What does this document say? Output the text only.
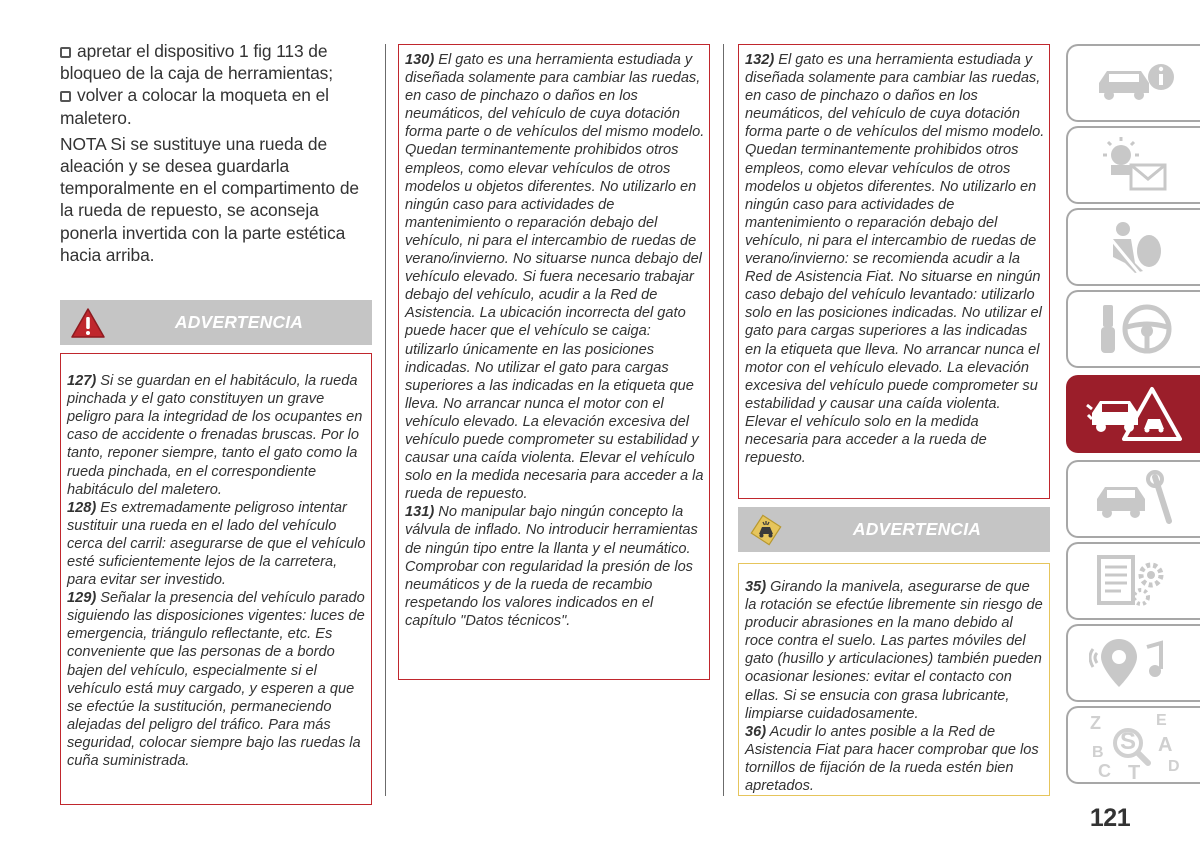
apretar el dispositivo 1 fig 113 de bloqueo de la caja de herramientas;

volver a colocar la moqueta en el maletero.

NOTA Si se sustituye una rueda de aleación y se desea guardarla temporalmente en el compartimento de la rueda de repuesto, se aconseja ponerla invertida con la parte estética hacia arriba.

ADVERTENCIA

127) Si se guardan en el habitáculo, la rueda pinchada y el gato constituyen un grave peligro para la integridad de los ocupantes en caso de accidente o frenadas bruscas. Por lo tanto, reponer siempre, tanto el gato como la rueda pinchada, en el correspondiente habitáculo del maletero.

128) Es extremadamente peligroso intentar sustituir una rueda en el lado del vehículo cerca del carril: asegurarse de que el vehículo esté suficientemente lejos de la carretera, para evitar ser investido.

129) Señalar la presencia del vehículo parado siguiendo las disposiciones vigentes: luces de emergencia, triángulo reflectante, etc. Es conveniente que las personas de a bordo bajen del vehículo, especialmente si el vehículo está muy cargado, y esperen a que se efectúe la sustitución, permaneciendo alejadas del peligro del tráfico. Para más seguridad, colocar siempre bajo las ruedas la cuña suministrada.

130) El gato es una herramienta estudiada y diseñada solamente para cambiar las ruedas, en caso de pinchazo o daños en los neumáticos, del vehículo de cuya dotación forma parte o de vehículos del mismo modelo. Quedan terminantemente prohibidos otros empleos, como elevar vehículos de otros modelos u objetos diferentes. No utilizarlo en ningún caso para actividades de mantenimiento o reparación debajo del vehículo, ni para el intercambio de ruedas de verano/invierno. No situarse nunca debajo del vehículo elevado. Si fuera necesario trabajar debajo del vehículo, acudir a la Red de Asistencia. La ubicación incorrecta del gato puede hacer que el vehículo se caiga: utilizarlo únicamente en las posiciones indicadas. No utilizar el gato para cargas superiores a las indicadas en la etiqueta que lleva. No arrancar nunca el motor con el vehículo elevado. La elevación excesiva del vehículo puede comprometer su estabilidad y causar una caída violenta. Elevar el vehículo solo en la medida necesaria para acceder a la rueda de repuesto.

131) No manipular bajo ningún concepto la válvula de inflado. No introducir herramientas de ningún tipo entre la llanta y el neumático. Comprobar con regularidad la presión de los neumáticos y de la rueda de recambio respetando los valores indicados en el capítulo "Datos técnicos".

132) El gato es una herramienta estudiada y diseñada solamente para cambiar las ruedas, en caso de pinchazo o daños en los neumáticos, del vehículo de cuya dotación forma parte o de vehículos del mismo modelo. Quedan terminantemente prohibidos otros empleos, como elevar vehículos de otros modelos u objetos diferentes. No utilizarlo en ningún caso para actividades de mantenimiento o reparación debajo del vehículo, ni para el intercambio de ruedas de verano/invierno: se recomienda acudir a la Red de Asistencia Fiat. No situarse en ningún caso debajo del vehículo levantado: utilizarlo solo en las posiciones indicadas. No utilizar el gato para cargas superiores a las indicadas en la etiqueta que lleva. No arrancar nunca el motor con el vehículo elevado. La elevación excesiva del vehículo puede comprometer su estabilidad y causar una caída violenta. Elevar el vehículo solo en la medida necesaria para acceder a la rueda de repuesto.

ADVERTENCIA

35) Girando la manivela, asegurarse de que la rotación se efectúe libremente sin riesgo de producir abrasiones en la mano debido al roce contra el suelo. Las partes móviles del gato (husillo y articulaciones) también pueden ocasionar lesiones: evitar el contacto con ellas. Si se ensucia con grasa lubricante, limpiarse cuidadosamente.

36) Acudir lo antes posible a la Red de Asistencia Fiat para hacer comprobar que los tornillos de fijación de la rueda estén bien apretados.

Z	E
S A
B
D
C T
121
